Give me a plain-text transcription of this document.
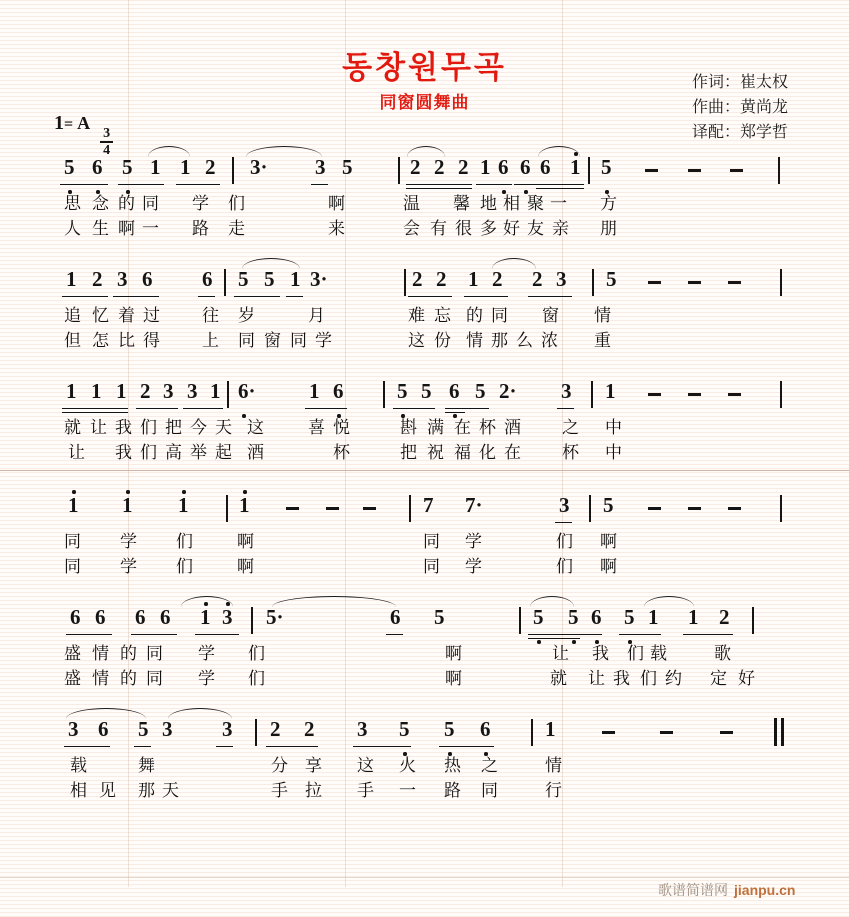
동창원무곡
同窗圆舞曲
作词：崔太权
作曲：黄尚龙
译配：郑学哲
1= A
$\frac{3}{4}$
5 6 5 1 1 2 3· 3 5	2 2 2 1 6 6 6 1 5
思 念 的 同 学 们	啊	温 馨 地 相 聚 一 方
人 生 啊 一 路 走	来	会 有 很 多 好 友 亲 朋
1 2 3 6 6 5 5 1 3·	2 2 1 2 2 3 5
追 忆 着 过 往 岁	月	难 忘 的 同 窗 情
但 怎 比 得 上 同 窗 同 学	这 份 情 那 么 浓 重
1 1 1 2 3 3 1 6·	1 6	5 5 6 5 2· 3 1
就 让 我 们 把 今 天 这	喜 悦	斟 满 在 杯 酒 之 中
让 我 们 高 举 起 酒	杯	把 祝 福 化 在 杯 中
1 1 1 1	7 7·	3 5
同 学 们	啊	同 学	们 啊
同 学 们	啊	同 学	们 啊
6 6 6 6 1 3 5·	6 5	5 5 6 5 1 1 2
盛 情 的 同 学 们	啊	让 我 们 载	歌
盛 情 的 同 学 们	啊	就 让 我 们 约 定 好
3 6 5 3 3 2 2 3 5 5 6	1
载	舞	分 享 这 火 热 之	情
相 见 那 天	手 拉 手 一 路 同	行
歌谱简谱网 jianpu.cn
